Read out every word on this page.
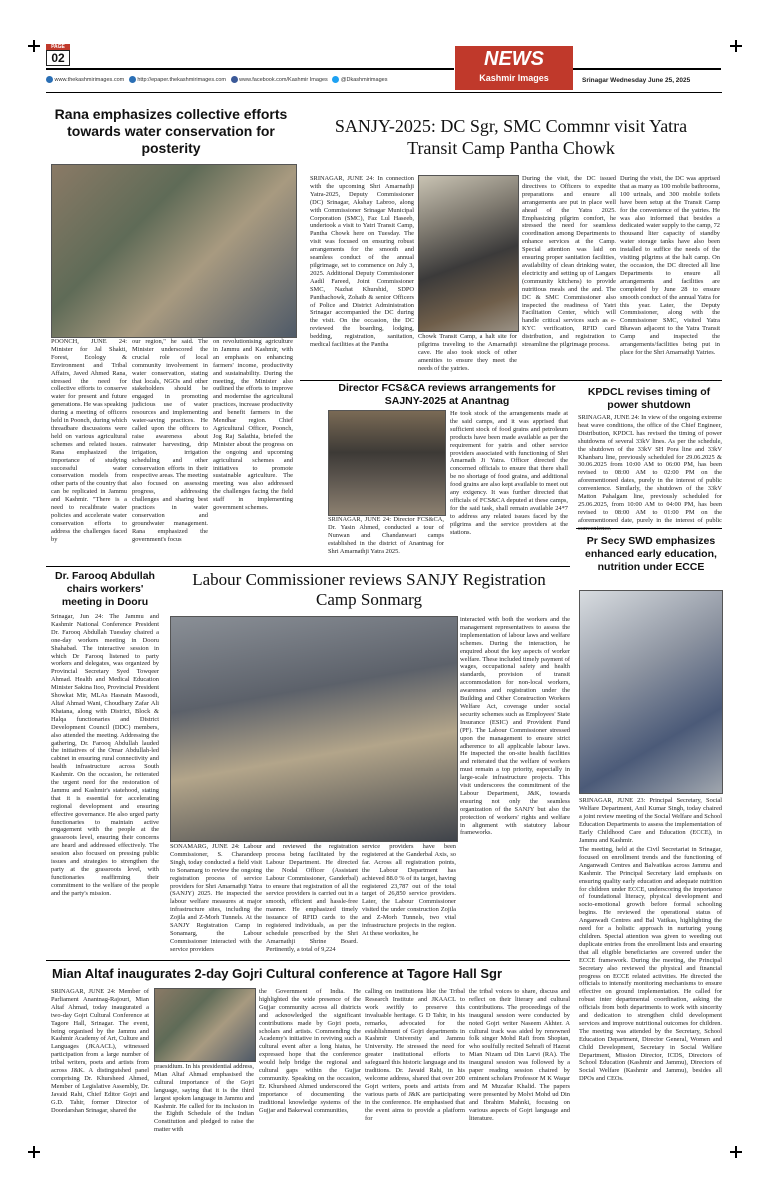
PAGE
02
www.thekashmirimages.com http://epaper.thekashmirimages.com www.facebook.com/Kashmir Images @Dkashmirimages
NEWS
Kashmir Images	Srinagar Wednesday June 25, 2025
Rana emphasizes collective efforts towards water conservation for posterity
POONCH, JUNE 24: Minister for Jal Shakti, Forest, Ecology & Environment and Tribal Affairs, Javed Ahmed Rana, stressed the need for collective efforts to conserve water for present and future generations. He was speaking during a meeting of officers held in Poonch, during which threadbare discussions were held on various agricultural schemes and related issues. Rana emphasized the importance of studying successful water conservation models from other parts of the country that can be replicated in Jammu and Kashmir. "There is a need to recalibrate water policies and accelerate water conservation efforts to address the challenges faced by
our region," he said. The Minister underscored the crucial role of local community involvement in water conservation, stating that locals, NGOs and other stakeholders should be engaged in promoting judicious use of water resources and implementing water-saving practices. He called upon the officers to raise awareness about rainwater harvesting, drip irrigation, irrigation scheduling and other conservation efforts in their respective areas. The meeting also focused on assessing progress, addressing challenges and sharing best practices in water conservation and groundwater management. Rana emphasized the government's focus
on revolutionising agriculture in Jammu and Kashmir, with an emphasis on enhancing farmers' income, productivity and sustainability. During the meeting, the Minister also outlined the efforts to improve and modernise the agricultural practices, increase productivity and benefit farmers in the Mendhar region. Chief Agricultural Officer, Poonch, Jog Raj Salathia, briefed the Minister about the progress on the ongoing and upcoming agricultural schemes and initiatives to promote sustainable agriculture. The meeting was also addressed the challenges facing the field staff in implementing government schemes.
SANJY-2025: DC Sgr, SMC Commnr visit Yatra Transit Camp Pantha Chowk
SRINAGAR, JUNE 24: In connection with the upcoming Shri Amarnathji Yatra-2025, Deputy Commissioner (DC) Srinagar, Akshay Labroo, along with Commissioner Srinagar Municipal Corporation (SMC), Faz Lul Haseeb, undertook a visit to Yatri Transit Camp, Pantha Chowk here on Tuesday. The visit was focused on ensuring robust arrangements for the smooth and seamless conduct of the annual pilgrimage, set to commence on July 3, 2025. Additional Deputy Commissioner Aadil Fareed, Joint Commissioner SMC, Nazhat Khurshid, SDPO Panthachowk, Zohaib & senior Officers of Police and District Administration Srinagar accompanied the DC during the visit. On the occasion, the DC reviewed the boarding, lodging, bedding, registration, sanitation, medical facilities at the Pantha
Chowk Transit Camp, a halt site for pilgrims traveling to the Amarnathji cave. He also took stock of other amenities to ensure they meet the needs of the yatries.
During the visit, the DC issued directives to Officers to expedite preparations and ensure all arrangements are put in place well ahead of the Yatra 2025. Emphasizing pilgrim comfort, he stressed the need for seamless coordination among Departments to enhance services at the Camp. Special attention was laid on ensuring proper sanitation facilities, availability of clean drinking water, electricity and setting up of Langars (community kitchens) to provide nutritious meals and the and. The DC & SMC Commissioner also inspected the readiness of Yatri Facilitation Center, which will handle critical services such as e-KYC verification, RFID card distribution, and registration to streamline the pilgrimage process.
During the visit, the DC was apprised that as many as 100 mobile bathrooms, 100 urinals, and 300 mobile toilets have been setup at the Transit Camp for the convenience of the yatries. He was also informed that besides a dedicated water supply to the camp, 72 thousand liter capacity of standby water storage tanks have also been installed to suffice the needs of the visiting pilgrims at the halt camp. On the occasion, the DC directed all line Departments to ensure all arrangements and facilities are completed by June 28 to ensure smooth conduct of the annual Yatra for this year. Later, the Deputy Commissioner, along with the Commissioner SMC, visited Yatra Bhawan adjacent to the Yatra Transit Camp and inspected the arrangements/facilities being put in place for the Shri Amarnathji Yatries.
Director FCS&CA reviews arrangements for SAJNY-2025 at Anantnag
SRINAGAR, JUNE 24: Director FCS&CA, Dr. Yasin Ahmed, conducted a tour of Nunwan and Chandanwari camps established in the district of Anantnag for Shri Amarnathji Yatra 2025.
He took stock of the arrangements made at the said camps, and it was apprised that sufficient stock of food grains and petroleum products have been made available as per the requirement for yatris and other service providers associated with functioning of Shri Amarnath Ji Yatra. Officer directed the concerned officials to ensure that there shall be no shortage of food grains, and additional food grains are also kept available to meet out any exigency. It was further directed that officials of FCS&CA deputed at these camps, for the said task, shall remain available 24*7 to address any related issues faced by the pilgrims and the service providers at the stations.
KPDCL revises timing of power shutdown
SRINAGAR, JUNE 24: In view of the ongoing extreme heat wave conditions, the office of the Chief Engineer, Distribution, KPDCL has revised the timing of power shutdowns of several 33kV lines. As per the schedule, the shutdown of the 33kV SH Pora line and 33kV Khanbaru line, previously scheduled for 29.06.2025 & 30.06.2025 from 10:00 AM to 06:00 PM, has been revised to 08:00 AM to 02:00 PM on the aforementioned dates, purely in the interest of public convenience. Similarly, the shutdown of the 33kV Matton Pahalgam line, previously scheduled for 25.06.2025, from 10:00 AM to 04:00 PM, has been revised to 08:00 AM to 01:00 PM on the aforementioned date, purely in the interest of public
Pr Secy SWD emphasizes enhanced early education, nutrition under ECCE
SRINAGAR, JUNE 23: Principal Secretary, Social Welfare Department, Anil Kumar Singh, today chaired a joint review meeting of the Social Welfare and School Education Departments to assess the implementation of Early Childhood Care and Education (ECCE), in Jammu and Kashmir.
The meeting, held at the Civil Secretariat in Srinagar, focused on enrollment trends and the functioning of Anganwadi Centres and Balvatikas across Jammu and Kashmir. The Principal Secretary laid emphasis on ensuring quality early education and adequate nutrition for children under ECCE, underscoring the importance of foundational literacy, physical development and socio-emotional growth before formal schooling begins. He reviewed the operational status of Anganwadi Centres and Bal Vatikas, highlighting the need for a holistic approach in nurturing young children. Special attention was given to weeding out duplicate entries from the enrollment lists and ensuring that all eligible beneficiaries are covered under the ECCE framework. During the meeting, the Principal Secretary also reviewed the physical and financial progress on ECCE related activities. He directed the officials to intensify monitoring mechanisms to ensure effective on ground implementation. He called for robust inter departmental coordination, asking the officials from both departments to work with sincerity and dedication to strengthen child development services and improve nutritional outcomes for children. The meeting was attended by the Secretary, School Education Department, Director General, Women and Child Development, Secretary in Social Welfare Department, Mission Director, ICDS, Directors of School Education (Kashmir and Jammu), Directors of Social Welfare (Kashmir and Jammu), besides all DPOs and CEOs.
Dr. Farooq Abdullah chairs workers' meeting in Dooru
Srinagar, Jun 24: The Jammu and Kashmir National Conference President Dr. Farooq Abdullah Tuesday chaired a one-day workers meeting in Dooru Shahabad. The interactive session in which Dr Farooq listened to party workers and delegates, was organized by Provincial Secretary Syed Towqeer Ahmad. Health and Medical Education Minister Sakina Itoo, Provincial President Showkat Mir, MLAs Hasnain Masoodi, Altaf Ahmad Wani, Choudhary Zafar Ali Khatana, along with District, Block & Halqa functionaries and District Development Council (DDC) members, also attended the meeting. Addressing the gathering, Dr. Farooq Abdullah lauded the initiatives of the Omar Abdullah-led cabinet in ensuring rural connectivity and health infrastructure across South Kashmir. On the occasion, he reiterated the urgent need for the restoration of Jammu and Kashmir's statehood, stating that it is essential for accelerating regional development and ensuring effective governance. He also urged party functionaries to maintain active engagement with the people at the grassroots level, ensuring their concerns are heard and addressed effectively. The session also focused on pressing public issues and strategies to strengthen the party at the grassroots level, with functionaries reaffirming their commitment to the welfare of the people and the party's mission.
Labour Commissioner reviews SANJY Registration Camp Sonmarg
SONAMARG, JUNE 24: Labour Commissioner, S. Charandeep Singh, today conducted a field visit to Sonamarg to review the ongoing registration process of service providers for Shri Amarnathji Yatra (SANJY) 2025. He inspected the labour welfare measures at major infrastructure sites, including the Zojila and Z-Morh Tunnels. At the SANJY Registration Camp in Sonamarg, the Labour Commissioner interacted with the service providers
and reviewed the registration process being facilitated by the Labour Department. He directed the Nodal Officer (Assistant Labour Commissioner, Ganderbal) to ensure that registration of all the service providers is carried out in a smooth, efficient and hassle-free manner. He emphasized timely issuance of RFID cards to the registered individuals, as per the schedule prescribed by the Shri Amarnathji Shrine Board. Pertinently, a total of 9,224
service providers have been registered at the Ganderbal Axis, so far. Across all registration points, the Labour Department has achieved 88.0 % of its target, having registered 23,787 out of the total target of 26,850 service providers. Later, the Labour Commissioner visited the under construction Zojila and Z-Morh Tunnels, two vital infrastructure projects in the region. At these worksites, he
interacted with both the workers and the management representatives to assess the implementation of labour laws and welfare schemes. During the interaction, he enquired about the key aspects of worker welfare. These included timely payment of wages, occupational safety and health standards, provision of transit accommodation for non-local workers, awareness and registration under the Building and Other Construction Workers Welfare Act, coverage under social security schemes such as Employees' State Insurance (ESIC) and Provident Fund (PF). The Labour Commissioner stressed upon the management to ensure strict adherence to all applicable labour laws. He inspected the on-site health facilities and reiterated that the welfare of workers must remain a top priority, especially in large-scale infrastructure projects. This visit underscores the commitment of the Labour Department, J&K, towards ensuring not only the seamless organization of the SANJY but also the protection of workers' rights and welfare in alignment with statutory labour frameworks.
Mian Altaf inaugurates 2-day Gojri Cultural conference at Tagore Hall Sgr
SRINAGAR, JUNE 24: Member of Parliament Anantnag-Rajouri, Mian Altaf Ahmad, today inaugurated a two-day Gojri Cultural Conference at Tagore Hall, Srinagar. The event, being organised by the Jammu and Kashmir Academy of Art, Culture and Languages (JKAACL), witnessed participation from a large number of tribal writers, poets and artists from across J&K. A distinguished panel comprising Dr. Khursheed Ahmed, Member of Legislative Assembly, Dr. Javaid Rahi, Chief Editor Gojri and G.D. Tahir, former Director of Doordarshan Srinagar, shared the
praesidium. In his presidential address, Mian Altaf Ahmad emphasised the cultural importance of the Gojri language, saying that it is the third largest spoken language in Jammu and Kashmir. He called for its inclusion in the Eighth Schedule of the Indian Constitution and pledged to raise the matter with
the Government of India. He highlighted the wide presence of the Gujjar community across all districts and acknowledged the significant contributions made by Gojri poets, scholars and artists. Commending the Academy's initiative in reviving such a cultural event after a long hiatus, he expressed hope that the conference would help bridge the regional and cultural gaps within the Gujjar community. Speaking on the occasion, Er. Khursheed Ahmed underscored the importance of documenting the traditional knowledge systems of the Gujjar and Bakerwal communities,
calling on institutions like the Tribal Research Institute and JKAACL to work swiftly to preserve this invaluable heritage. G D Tahir, in his remarks, advocated for the establishment of Gojri departments in Kashmir University and Jammu University. He stressed the need for greater institutional efforts to safeguard this historic language and its traditions. Dr. Javaid Rahi, in his welcome address, shared that over 200 Gojri writers, poets and artists from various parts of J&K are participating in the conference. He emphasised that the event aims to provide a platform for
the tribal voices to share, discuss and reflect on their literary and cultural contributions. The proceedings of the inaugural session were conducted by noted Gojri writer Naseem Akhter. A cultural track was aided by renowned folk singer Mohd Rafi from Shopian, who soulfully recited Sehrafi of Hazrat Mian Nizam ud Din Larvi (RA). The inaugural session was followed by a paper reading session chaired by eminent scholars Professor M K Waqar and M Muzafar Khalid. The papers were presented by Molvi Mohd ud Din and Ibrahim Mahnki, focusing on various aspects of Gojri language and literature.
